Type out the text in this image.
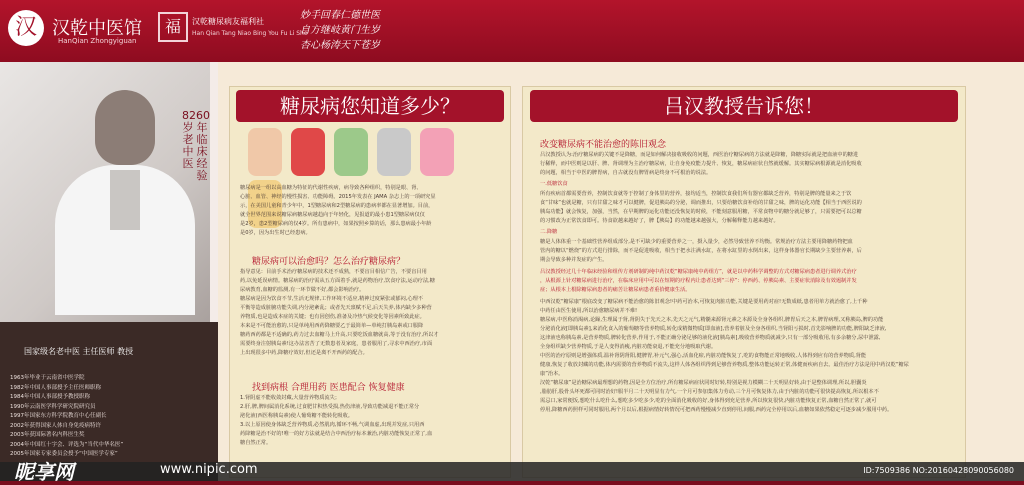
汉 汉乾中医馆
HanQian Zhongyiguan
福	汉乾糖尿病友福利社
Han Qian Tang Niao Bing You Fu Li She
妙手回春仁德世医
自方继岐黄门生岁
杏心杨涛天下苍岁
82岁老中医
60年临床经验
国家级名老中医 主任医师 教授
1963年毕业于云南省中医学院
1982年中国人事部授予主任医师职称
1984年中国人事部授予教授职称
1990年云南医学科学研究院研究员
1997年国家东方科学院教育中心任副长
2002年获得国家人体自身免疫病特许
2003年获国际著名内科医生奖
2004年中国红十字会、评选为“当代中华名医”
2005年国家专家委员会授予“中国医学专家”
糖尿病您知道多少？

糖尿病是一组以高血糖为特征的代谢性疾病，病导致各种组织，特别是眼、肾、
心脏、血管、神经的慢性损害、功能障碍。2015年发表在 JAMA 杂志上的一项研究显
示，在美国儿童和青少年中，1型糖尿病和2型糖尿病的患病率都在显著增加。目前，
就全世界范围来说糖尿病糖尿病越趋向于年轻化，见报道的最小患1型糖尿病仅仅
是2岁，患2型糖尿病的仅4岁。所有患病中，如果按照乡算的话，那么患病最小年龄
是0岁，因为出生时已经患病。
糖尿病可以治愈吗？怎么治疗糖尿病？
指导意见：目前手术治疗糖尿病的技术还不成熟，不要盲目相信广告，不要盲目用
药,以免延误病情。糖尿病的治疗需从五方面着手,就是药物治疗,饮食疗法,运动疗法,糖
尿病教育,血糖的监测,有一环节做不好,都会影响治疗。
糖尿病是因为饮食不节,生活无规律,工作环境不适应,精神过度紧张或郁闷,心理不
平衡等造成脏腑功能失调,内分泌紊乱；或者先天禀赋不足,后天失养,体内缺少多种营
养物质,也是造成本症的关键；也有因创伤,准备及冷热气候变化等因素所致此症。
本来是不可能治愈的,只是单纯用西药降糖要乙于最简单—单纯打胰岛素或口服降
糖药西药都是不适确的,药力过去血糖马上升高,只要吃饭血糖就高,等于没有治疗,所以才
需要终身注射胰岛素!这办法害苦了无数患者及家庭，患者服用了,寻求中西治疗,市面
上出现很多中药,降糖疗效好,但还是离不开西药的配合。
找到病根 合理用药 医患配合 恢复健康
1.肾阴虚不能收敛封藏,大量营养物质流失；
2.肝,脾,脾间属消化系统,过食肥甘积热受损,热伤津液,导致功能减退不能正常分
泌化液(西医称胰岛素)使人葡萄糖不能转化吸收。
3.以上原因使身体缺乏营养物质,必然肌肉,循环不畅,气调血虚,出现并发症,只用西
药降糖是治不好的!唯一的好方法就是结合中西治疗标本兼治,内脏功能恢复正常了,血
糖自然正常。
吕汉教授告诉您！
改变糖尿病不能治愈的陈旧观念
吕汉教授认为:治疗糖尿病的关键不是降糖，而是如何解决接收吸收的问题，西医治疗糖尿病的方法就是降糖，降糖实际就是把血液中的糖进
行稀释，而中医则是以肝、脾、肾调理为主治疗糖尿病，让自身免疫能力提升、恢复，糖尿病症状自然就缓解。其实糖尿病根源就是消化吸收
的问题，相当于中医的脾胃病，自古就没有脾胃病是终身不可根治的说法。
一.低糖饮食
所有疾病首都需要营养，控制饮食就等于控制了身体里的营养，接均适当，控制饮食我们所有器官都缺乏营养，特别是脾的能量来之于饮
食“甘味”也就是糖，只有甘甜之味才可以健脾，促进胰岛的分泌，调而推出，只要给糖饮食补给的甘甜之味，脾的运化功能【相当于西医说的
胰岛功能】就会恢复，加强，当然，在早期脾的运化功能还没恢复的时候，不能刻意服用糖，平常食物中的糖分就足够了，只需要把可以总糖
的习惯改为正常饮食即可。待食欲越来越好了，脾【胰岛】的功能越来越强大，分解稀释能力越来越好。
二.降糖
糖是人体体重一个基础性营养组成部分,是不可缺少的重要营养之一，摄入量少，必然导致营养不均衡。常规治疗方法主要用降糖药物把血
管内的糖以“燃烧”的方式进行排除，而不是促进吸收，相当于把水注满水缸，在将水缸里的水倒出来，这样身体器官长期缺少主要营养素，后
期会导致多种并发症的产生。
吕汉教授经过几十年临床经验和组传方剂研制的纯中药汉乾“糖尿康纯中药组方”，就是以中药科学调整的方式对糖尿病患者进行调养式治疗
，从根源上针对糖尿病进行治疗，在临床应用中可以在短期的疗程内让患者达到“三停”：停西药、停胰岛素、主要症状消除及有效遏制并发
症；从根本上根除糖尿病患者的痛苦让糖尿病患者重拾健康生活。
中西汉乾“糖尿康”根底改变了糖尿病不能治愈的陈旧观念!中药可治本,可恢复肉脏功能,关键是要用药对症!无数成纸,患者用单方就治愈了,上千种
中药任由医生使用,所以治愈糖尿病并不难!
糖尿病,中医称消渴病,论躁,生理属于肾,肾阴失于先天之本,先天之元气,精髓来源肾元素之本源及全身各组织,脾胃后天之本,脾胃病理,又称胰岛,脾的功能
分泌消化液[即胰岛素],来消化食入的葡萄糖等营养物质,转化成精微物质[即血液],营养着脏及全身各组织,当肾阳亏损时,首先影响脾的功能,脾阳缺乏津液,
这津液也称胰岛素,是营养物质,脾转化营养,作用于,不能正确分泌足够的液化液[胰岛素],吸收营养物质就减少,只有一部分吸收用,有多余糖分,尿中泄露,
全身组织缺少营养物质,于是人变得消瘦,内脏功能衰退,不能充分地吸取代谢。
中医的治疗原则是增强体质,温补肾阴肾阳,健脾胃,补元气,强心,活血化瘀,内脏功能恢复了,吃的食物能正常地吸收,人体得到应有的营养物质,肾能
健康,恢复了收放封藏的功能,体内需要的营养物质不流失,这样人体各组织得到足够营养物质,整体功能运转正常,体健而疾病自去。最佳治疗方法是用中药汉乾“糖尿
康”治本。
汉乾“糖尿康”是治糖尿病最理想的药物,因是全方位治疗,所有糖尿病症状同时好转,特别是视力模糊二十天明显好转,由于是整体调理,所以,胆囊炎
,脂肪肝,股骨头坏死都可同时治好!服半月二十天明显有力气,一个月可参加集体力劳动,三个月可恢复体力,由于内脏的功能可很快提高恢复,所以根本不
需忌口,家常便饭,想吃什么吃什么,想吃多少吃多少,吃的全面消化吸收的好,身体得到充足营养,所以恢复很快,内脏功能恢复正常,血糖自然正常了,就可
停用,降糖西药照样可同时服用,两个月以后,根据病情好转情况可把西药慢慢减少直到停用,间服,西药完全停用以后,血糖如果依然稳定可逐步减少服用中药。
昵享网	www.nipic.com	ID:7509386 NO:20160428090056080
